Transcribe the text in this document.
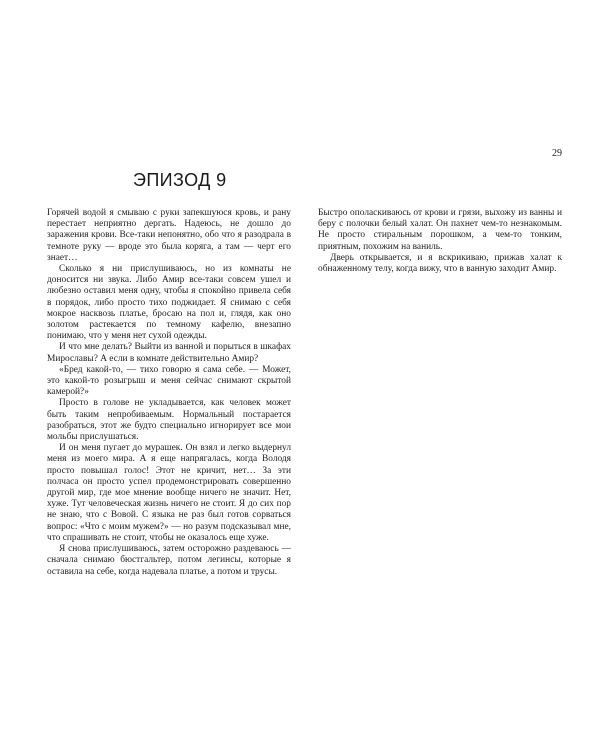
29
ЭПИЗОД 9

Горячей водой я смываю с руки запекшуюся кровь, и рану перестает неприятно дергать. Надеюсь, не дошло до заражения крови. Все-таки непонятно, обо что я разодрала в темноте руку — вроде это была коряга, а там — черт его знает…

Сколько я ни прислушиваюсь, но из комнаты не доносится ни звука. Либо Амир все-таки совсем ушел и любезно оставил меня одну, чтобы я спокойно привела себя в порядок, либо просто тихо поджидает. Я снимаю с себя мокрое насквозь платье, бросаю на пол и, глядя, как оно золотом растекается по темному кафелю, внезапно понимаю, что у меня нет сухой одежды.

И что мне делать? Выйти из ванной и порыться в шкафах Мирославы? А если в комнате действительно Амир?

«Бред какой-то, — тихо говорю я сама себе. — Может, это какой-то розыгрыш и меня сейчас снимают скрытой камерой?»

Просто в голове не укладывается, как человек может быть таким непробиваемым. Нормальный постарается разобраться, этот же будто специально игнорирует все мои мольбы прислушаться.

И он меня пугает до мурашек. Он взял и легко выдернул меня из моего мира. А я еще напрягалась, когда Володя просто повышал голос! Этот не кричит, нет… За эти полчаса он просто успел продемонстрировать совершенно другой мир, где мое мнение вообще ничего не значит. Нет, хуже. Тут человеческая жизнь ничего не стоит. Я до сих пор не знаю, что с Вовой. С языка не раз был готов сорваться вопрос: «Что с моим мужем?» — но разум подсказывал мне, что спрашивать не стоит, чтобы не оказалось еще хуже.

Я снова прислушиваюсь, затем осторожно раздеваюсь — сначала снимаю бюстгальтер, потом легинсы, которые я оставила на себе, когда надевала платье, а потом и трусы.

Быстро ополаскиваюсь от крови и грязи, выхожу из ванны и беру с полочки белый халат. Он пахнет чем-то незнакомым. Не просто стиральным порошком, а чем-то тонким, приятным, похожим на ваниль.

Дверь открывается, и я вскрикиваю, прижав халат к обнаженному телу, когда вижу, что в ванную заходит Амир.
